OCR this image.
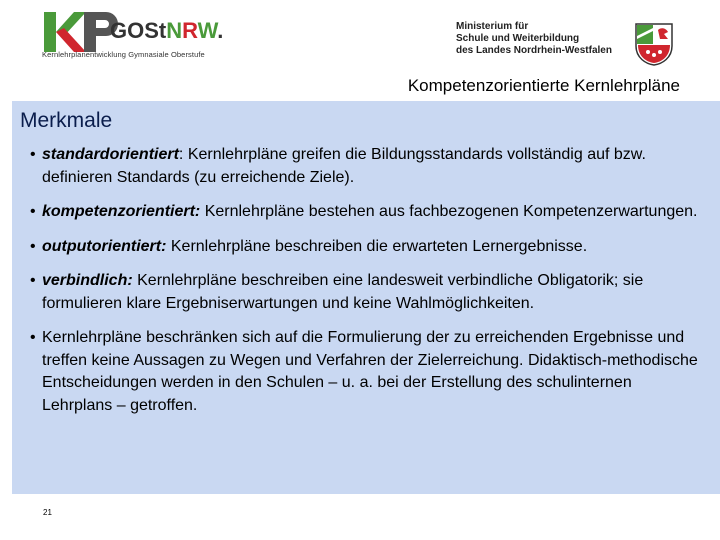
GOStNRW.
Kernlehrplanentwicklung Gymnasiale Oberstufe
Ministerium für
Schule und Weiterbildung
des Landes Nordrhein-Westfalen
Kompetenzorientierte Kernlehrpläne
Merkmale
• standardorientiert: Kernlehrpläne greifen die Bildungsstandards vollständig auf bzw. definieren Standards (zu erreichende Ziele).
• kompetenzorientiert: Kernlehrpläne bestehen aus fachbezogenen Kompetenzerwartungen.
• outputorientiert: Kernlehrpläne beschreiben die erwarteten Lernergebnisse.
• verbindlich: Kernlehrpläne beschreiben eine landesweit verbindliche Obligatorik; sie formulieren klare Ergebniserwartungen und keine Wahlmöglichkeiten.
• Kernlehrpläne beschränken sich auf die Formulierung der zu erreichenden Ergebnisse und treffen keine Aussagen zu Wegen und Verfahren der Zielerreichung. Didaktisch-methodische Entscheidungen werden in den Schulen – u. a. bei der Erstellung des schulinternen Lehrplans – getroffen.
21
